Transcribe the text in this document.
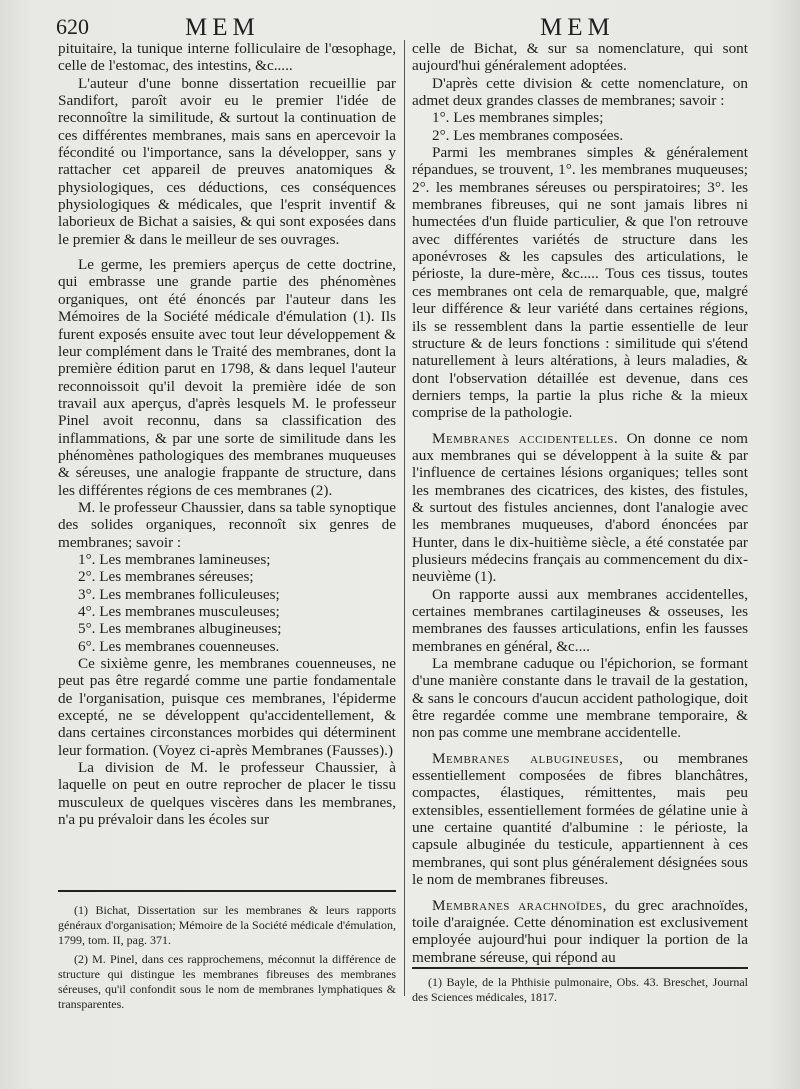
620	MEM	MEM

pituitaire, la tunique interne folliculaire de l'œsophage, celle de l'estomac, des intestins, &c.....

L'auteur d'une bonne dissertation recueillie par Sandifort, paroît avoir eu le premier l'idée de reconnoître la similitude, & surtout la continuation de ces différentes membranes, mais sans en apercevoir la fécondité ou l'importance, sans la développer, sans y rattacher cet appareil de preuves anatomiques & physiologiques, ces déductions, ces conséquences physiologiques & médicales, que l'esprit inventif & laborieux de Bichat a saisies, & qui sont exposées dans le premier & dans le meilleur de ses ouvrages.

Le germe, les premiers aperçus de cette doctrine, qui embrasse une grande partie des phénomènes organiques, ont été énoncés par l'auteur dans les Mémoires de la Société médicale d'émulation (1). Ils furent exposés ensuite avec tout leur développement & leur complément dans le Traité des membranes, dont la première édition parut en 1798, & dans lequel l'auteur reconnoissoit qu'il devoit la première idée de son travail aux aperçus, d'après lesquels M. le professeur Pinel avoit reconnu, dans sa classification des inflammations, & par une sorte de similitude dans les phénomènes pathologiques des membranes muqueuses & séreuses, une analogie frappante de structure, dans les différentes régions de ces membranes (2).

M. le professeur Chaussier, dans sa table synoptique des solides organiques, reconnoît six genres de membranes; savoir :

1°. Les membranes lamineuses;

2°. Les membranes séreuses;

3°. Les membranes folliculeuses;

4°. Les membranes musculeuses;

5°. Les membranes albugineuses;

6°. Les membranes couenneuses.

Ce sixième genre, les membranes couenneuses, ne peut pas être regardé comme une partie fondamentale de l'organisation, puisque ces membranes, l'épiderme excepté, ne se développent qu'accidentellement, & dans certaines circonstances morbides qui déterminent leur formation. (Voyez ci-après Membranes (Fausses).)

La division de M. le professeur Chaussier, à laquelle on peut en outre reprocher de placer le tissu musculeux de quelques viscères dans les membranes, n'a pu prévaloir dans les écoles sur

(1) Bichat, Dissertation sur les membranes & leurs rapports généraux d'organisation; Mémoire de la Société médicale d'émulation, 1799, tom. II, pag. 371.

(2) M. Pinel, dans ces rapprochemens, méconnut la différence de structure qui distingue les membranes fibreuses des membranes séreuses, qu'il confondit sous le nom de membranes lymphatiques & transparentes.

celle de Bichat, & sur sa nomenclature, qui sont aujourd'hui généralement adoptées.

D'après cette division & cette nomenclature, on admet deux grandes classes de membranes; savoir :

1°. Les membranes simples;

2°. Les membranes composées.

Parmi les membranes simples & généralement répandues, se trouvent, 1°. les membranes muqueuses; 2°. les membranes séreuses ou perspiratoires; 3°. les membranes fibreuses, qui ne sont jamais libres ni humectées d'un fluide particulier, & que l'on retrouve avec différentes variétés de structure dans les aponévroses & les capsules des articulations, le périoste, la dure-mère, &c..... Tous ces tissus, toutes ces membranes ont cela de remarquable, que, malgré leur différence & leur variété dans certaines régions, ils se ressemblent dans la partie essentielle de leur structure & de leurs fonctions : similitude qui s'étend naturellement à leurs altérations, à leurs maladies, & dont l'observation détaillée est devenue, dans ces derniers temps, la partie la plus riche & la mieux comprise de la pathologie.

Membranes accidentelles. On donne ce nom aux membranes qui se développent à la suite & par l'influence de certaines lésions organiques; telles sont les membranes des cicatrices, des kistes, des fistules, & surtout des fistules anciennes, dont l'analogie avec les membranes muqueuses, d'abord énoncées par Hunter, dans le dix-huitième siècle, a été constatée par plusieurs médecins français au commencement du dix-neuvième (1).

On rapporte aussi aux membranes accidentelles, certaines membranes cartilagineuses & osseuses, les membranes des fausses articulations, enfin les fausses membranes en général, &c....

La membrane caduque ou l'épichorion, se formant d'une manière constante dans le travail de la gestation, & sans le concours d'aucun accident pathologique, doit être regardée comme une membrane temporaire, & non pas comme une membrane accidentelle.

Membranes albugineuses, ou membranes essentiellement composées de fibres blanchâtres, compactes, élastiques, rémittentes, mais peu extensibles, essentiellement formées de gélatine unie à une certaine quantité d'albumine : le périoste, la capsule albuginée du testicule, appartiennent à ces membranes, qui sont plus généralement désignées sous le nom de membranes fibreuses.

Membranes arachnoïdes, du grec arachnoïdes, toile d'araignée. Cette dénomination est exclusivement employée aujourd'hui pour indiquer la portion de la membrane séreuse, qui répond au

(1) Bayle, de la Phthisie pulmonaire, Obs. 43. Breschet, Journal des Sciences médicales, 1817.
